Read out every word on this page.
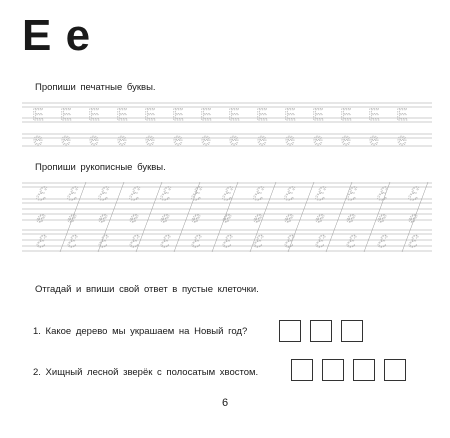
Е е
Пропиши печатные буквы.
Е
е
Е
е
Е
е
Е
е
Е
е
Е
е
Е
е
Е
е
Е
е
Е
е
Е
е
Е
е
Е
е
Е
е
Пропиши рукописные буквы.
ℰ
ℯ
ℰ
ℰ
ℯ
ℰ
ℰ
ℯ
ℰ
ℰ
ℯ
ℰ
ℰ
ℯ
ℰ
ℰ
ℯ
ℰ
ℰ
ℯ
ℰ
ℰ
ℯ
ℰ
ℰ
ℯ
ℰ
ℰ
ℯ
ℰ
ℰ
ℯ
ℰ
ℰ
ℯ
ℰ
ℰ
ℯ
ℰ
Отгадай и впиши свой ответ в пустые клеточки.
1. Какое дерево мы украшаем на Новый год?
2. Хищный лесной зверёк с полосатым хвостом.
6
